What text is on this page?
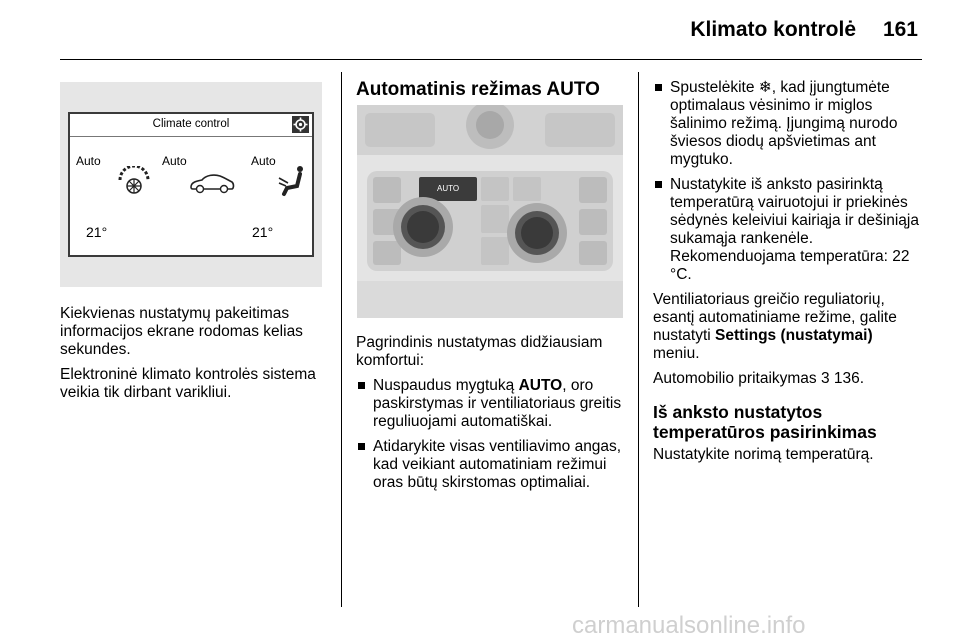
Klimato kontrolė 161
Climate control
Auto	Auto	Auto
21°	21°

Kiekvienas nustatymų pakeitimas informacijos ekrane rodomas kelias sekundes.

Elektroninė klimato kontrolės sistema veikia tik dirbant varikliui.

Automatinis režimas AUTO
AUTO

Pagrindinis nustatymas didžiausiam komfortui:

Nuspaudus mygtuką AUTO, oro paskirstymas ir ventiliatoriaus greitis reguliuojami automatiškai.
Atidarykite visas ventiliavimo angas, kad veikiant automatiniam režimui oras būtų skirstomas optimaliai.
Spustelėkite ❄, kad įjungtumėte optimalaus vėsinimo ir miglos šalinimo režimą. Įjungimą nurodo šviesos diodų apšvietimas ant mygtuko.
Nustatykite iš anksto pasirinktą temperatūrą vairuotojui ir priekinės sėdynės keleiviui kairiąja ir dešiniąja sukamąja rankenėle. Rekomenduojama temperatūra: 22 °C.

Ventiliatoriaus greičio reguliatorių, esantį automatiniame režime, galite nustatyti Settings (nustatymai) meniu.

Automobilio pritaikymas 3 136.

Iš anksto nustatytos temperatūros pasirinkimas

Nustatykite norimą temperatūrą.

carmanualsonline.info
